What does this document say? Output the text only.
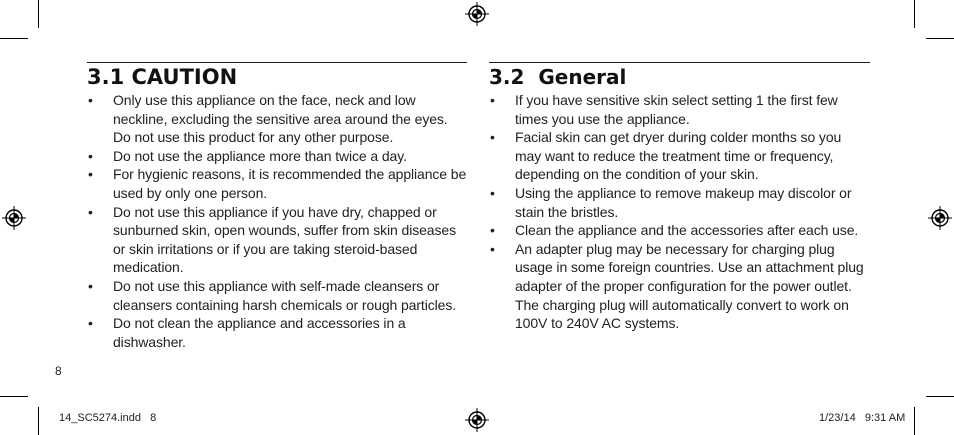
3.1 CAUTION
• Only use this appliance on the face, neck and low neckline, excluding the sensitive area around the eyes. Do not use this product for any other purpose.
• Do not use the appliance more than twice a day.
• For hygienic reasons, it is recommended the appliance be used by only one person.
• Do not use this appliance if you have dry, chapped or sunburned skin, open wounds, suffer from skin diseases or skin irritations or if you are taking steroid-based medication.
• Do not use this appliance with self-made cleansers or cleansers containing harsh chemicals or rough particles.
• Do not clean the appliance and accessories in a dishwasher.
3.2  General
• If you have sensitive skin select setting 1 the first few times you use the appliance.
• Facial skin can get dryer during colder months so you may want to reduce the treatment time or frequency, depending on the condition of your skin.
• Using the appliance to remove makeup may discolor or stain the bristles.
• Clean the appliance and the accessories after each use.
• An adapter plug may be necessary for charging plug usage in some foreign countries. Use an attachment plug adapter of the proper configuration for the power outlet. The charging plug will automatically convert to work on 100V to 240V AC systems.
8
14_SC5274.indd   8	1/23/14   9:31 AM
